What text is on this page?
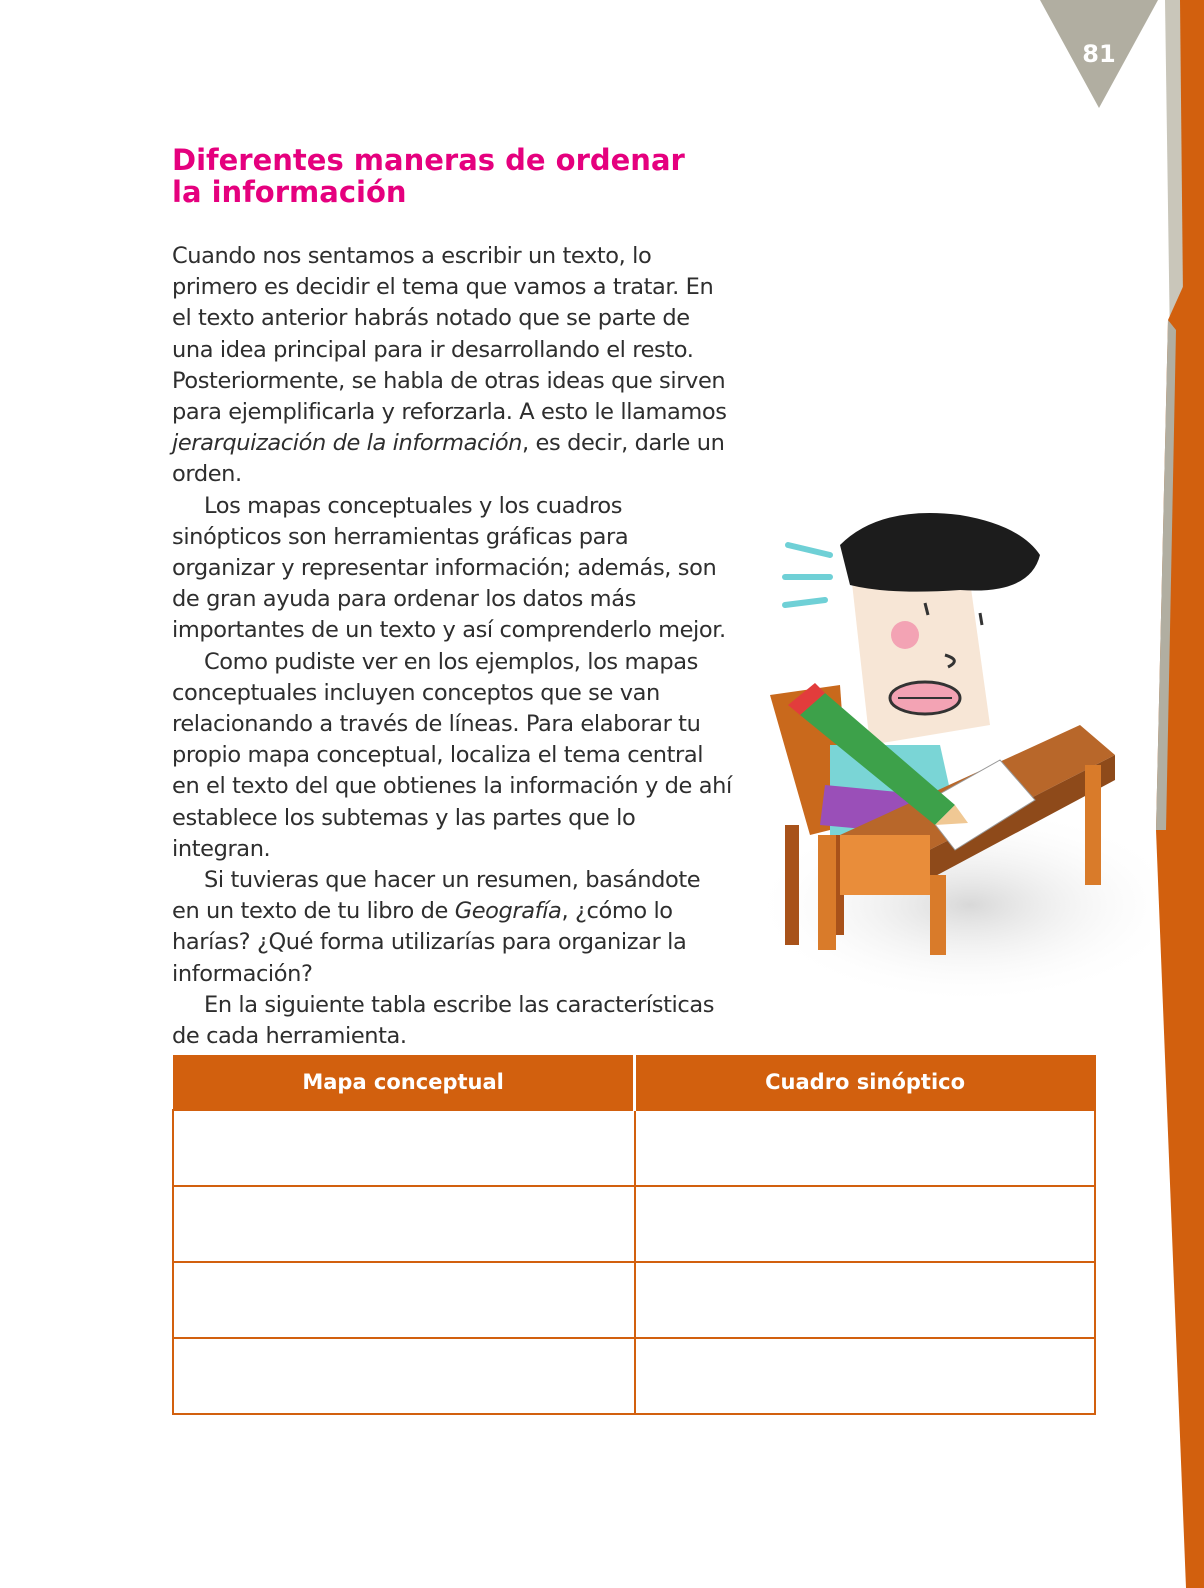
81
Diferentes maneras de ordenar
la información

Cuando nos sentamos a escribir un texto, lo primero es decidir el tema que vamos a tratar. En el texto anterior habrás notado que se parte de una idea principal para ir desarrollando el resto. Posteriormente, se habla de otras ideas que sirven para ejemplificarla y reforzarla. A esto le llamamos jerarquización de la información, es decir, darle un orden.

Los mapas conceptuales y los cuadros sinópticos son herramientas gráficas para organizar y representar información; además, son de gran ayuda para ordenar los datos más importantes de un texto y así comprenderlo mejor.

Como pudiste ver en los ejemplos, los mapas conceptuales incluyen conceptos que se van relacionando a través de líneas. Para elaborar tu propio mapa conceptual, localiza el tema central en el texto del que obtienes la información y de ahí establece los subtemas y las partes que lo integran.

Si tuvieras que hacer un resumen, basándote en un texto de tu libro de Geografía, ¿cómo lo harías? ¿Qué forma utilizarías para organizar la información?

En la siguiente tabla escribe las características de cada herramienta.

Mapa conceptual	Cuadro sinóptico
